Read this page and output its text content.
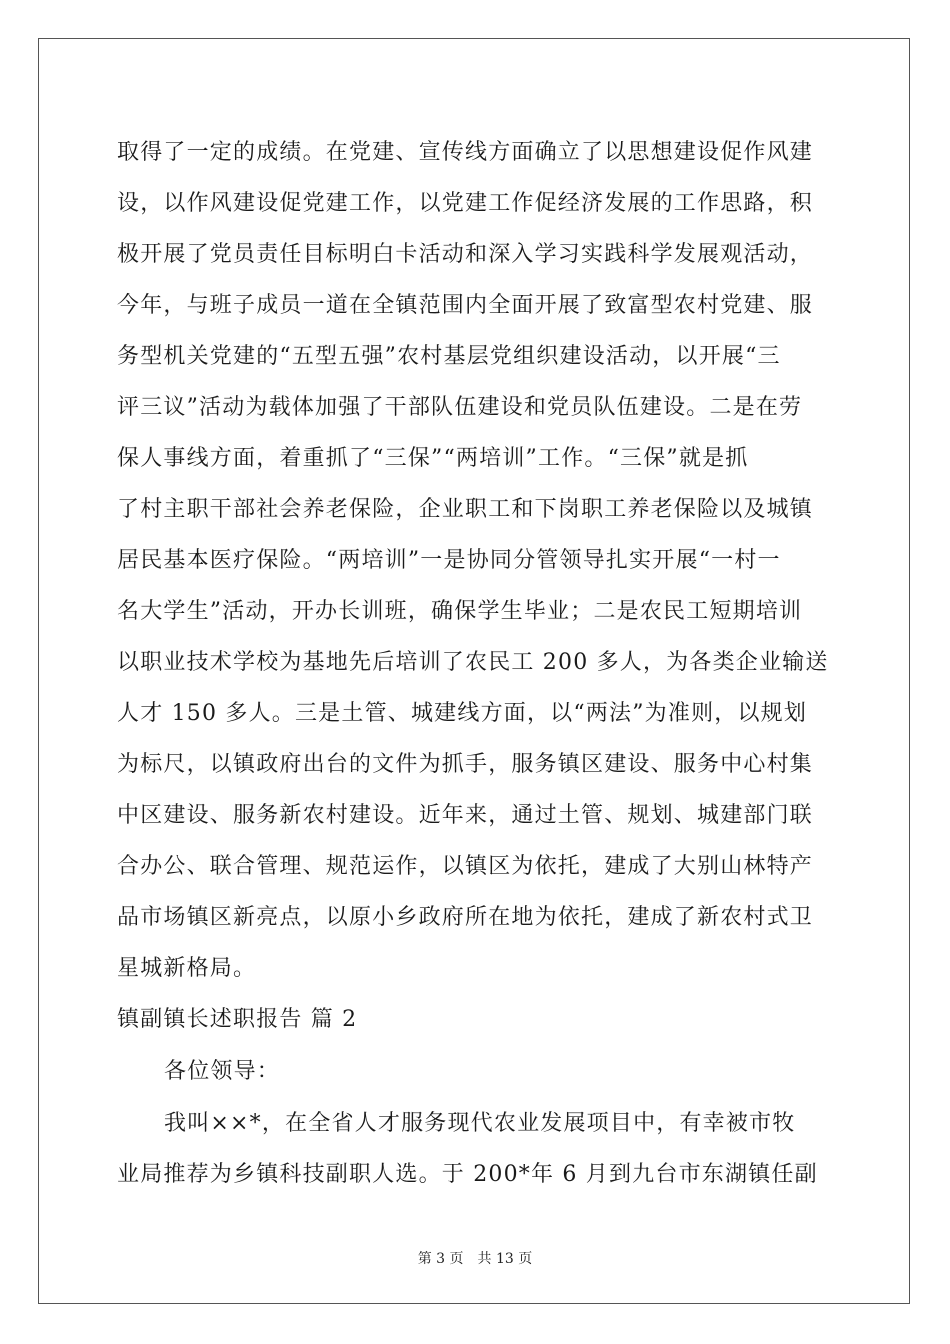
取得了一定的成绩。在党建、宣传线方面确立了以思想建设促作风建
设，以作风建设促党建工作，以党建工作促经济发展的工作思路，积
极开展了党员责任目标明白卡活动和深入学习实践科学发展观活动，
今年，与班子成员一道在全镇范围内全面开展了致富型农村党建、服
务型机关党建的“五型五强”农村基层党组织建设活动，以开展“三
评三议”活动为载体加强了干部队伍建设和党员队伍建设。二是在劳
保人事线方面，着重抓了“三保”“两培训”工作。“三保”就是抓
了村主职干部社会养老保险，企业职工和下岗职工养老保险以及城镇
居民基本医疗保险。“两培训”一是协同分管领导扎实开展“一村一
名大学生”活动，开办长训班，确保学生毕业；二是农民工短期培训
以职业技术学校为基地先后培训了农民工 200 多人，为各类企业输送
人才 150 多人。三是土管、城建线方面，以“两法”为准则，以规划
为标尺，以镇政府出台的文件为抓手，服务镇区建设、服务中心村集
中区建设、服务新农村建设。近年来，通过土管、规划、城建部门联
合办公、联合管理、规范运作，以镇区为依托，建成了大别山林特产
品市场镇区新亮点，以原小乡政府所在地为依托，建成了新农村式卫
星城新格局。
镇副镇长述职报告 篇 2
各位领导：
我叫××*，在全省人才服务现代农业发展项目中，有幸被市牧
业局推荐为乡镇科技副职人选。于 200*年 6 月到九台市东湖镇任副
第 3 页 共 13 页
